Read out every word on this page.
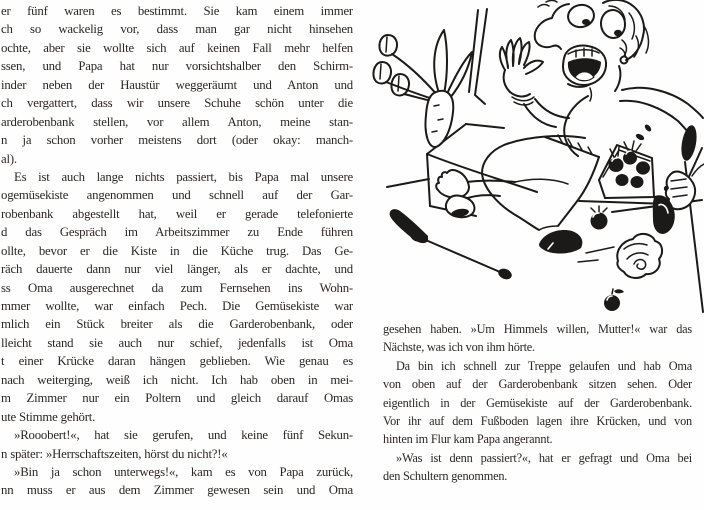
er fünf waren es bestimmt. Sie kam einem immer
ch so wackelig vor, dass man gar nicht hinsehen
ochte, aber sie wollte sich auf keinen Fall mehr helfen
ssen, und Papa hat nur vorsichtshalber den Schirm-
inder neben der Haustür weggeräumt und Anton und
ch vergattert, dass wir unsere Schuhe schön unter die
arderobenbank stellen, vor allem Anton, meine stan-
n ja schon vorher meistens dort (oder okay: manch-
al).
Es ist auch lange nichts passiert, bis Papa mal unsere
ogemüsekiste angenommen und schnell auf der Gar-
robenbank abgestellt hat, weil er gerade telefonierte
d das Gespräch im Arbeitszimmer zu Ende führen
ollte, bevor er die Kiste in die Küche trug. Das Ge-
räch dauerte dann nur viel länger, als er dachte, und
ss Oma ausgerechnet da zum Fernsehen ins Wohn-
mmer wollte, war einfach Pech. Die Gemüsekiste war
mlich ein Stück breiter als die Garderobenbank, oder
lleicht stand sie auch nur schief, jedenfalls ist Oma
t einer Krücke daran hängen geblieben. Wie genau es
nach weiterging, weiß ich nicht. Ich hab oben in mei-
m Zimmer nur ein Poltern und gleich darauf Omas
ute Stimme gehört.
»Rooobert!«, hat sie gerufen, und keine fünf Sekun-
n später: »Herrschaftszeiten, hörst du nicht?!«
»Bin ja schon unterwegs!«, kam es von Papa zurück,
nn muss er aus dem Zimmer gewesen sein und Oma
gesehen haben. »Um Himmels willen, Mutter!« war das
Nächste, was ich von ihm hörte.
Da bin ich schnell zur Treppe gelaufen und hab Oma
von oben auf der Garderobenbank sitzen sehen. Oder
eigentlich in der Gemüsekiste auf der Garderobenbank.
Vor ihr auf dem Fußboden lagen ihre Krücken, und von
hinten im Flur kam Papa angerannt.
»Was ist denn passiert?«, hat er gefragt und Oma bei
den Schultern genommen.
